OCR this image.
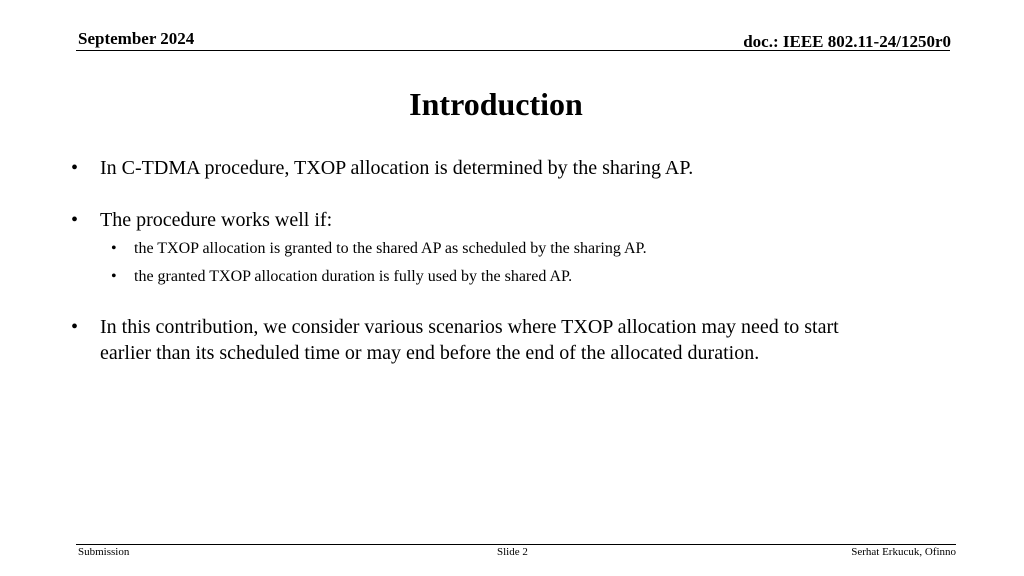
September 2024	doc.: IEEE 802.11-24/1250r0
Introduction
• In C-TDMA procedure, TXOP allocation is determined by the sharing AP.
• The procedure works well if:
• the TXOP allocation is granted to the shared AP as scheduled by the sharing AP.
• the granted TXOP allocation duration is fully used by the shared AP.
• In this contribution, we consider various scenarios where TXOP allocation may need to start earlier than its scheduled time or may end before the end of the allocated duration.
Submission	Slide 2	Serhat Erkucuk, Ofinno
